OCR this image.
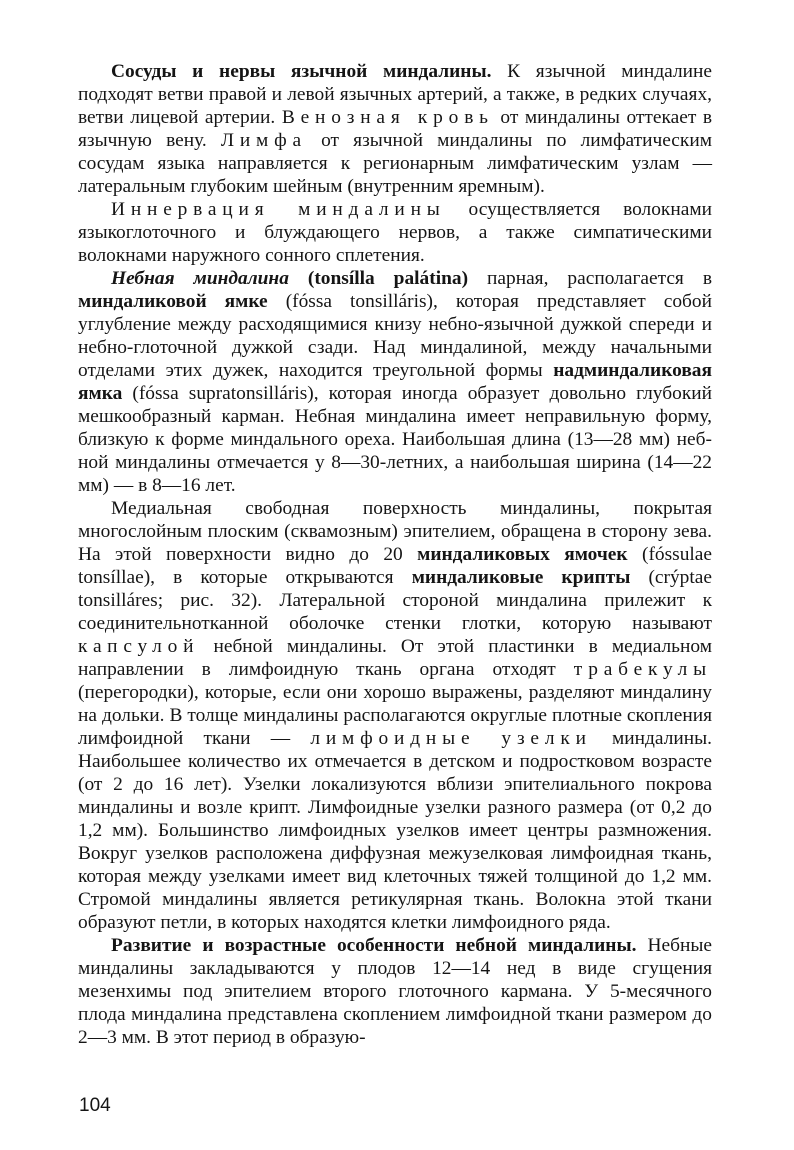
Сосуды и нервы язычной миндалины. К язычной миндалине подходят ветви правой и левой язычных артерий, а также, в редких случаях, ветви лицевой артерии. Венозная кровь от миндалины оттекает в язычную вену. Лимфа от язычной миндалины по лимфатическим сосудам языка направляется к регионарным лимфатическим узлам — латеральным глубоким шейным (внутренним яремным).

Иннервация миндалины осуществляется волокнами языкоглоточного и блуждающего нервов, а также симпатическими волокнами наружного сонного сплетения.

Небная миндалина (tonsílla palátina) парная, располагается в миндаликовой ямке (fóssa tonsilláris), которая представляет собой углубление между расходящимися книзу небно-язычной дужкой спереди и небно-глоточной дужкой сзади. Над миндалиной, между начальными отделами этих дужек, находится треугольной формы надминдаликовая ямка (fóssa supratonsilláris), которая иногда образует довольно глубокий мешкообразный карман. Небная миндалина имеет неправильную форму, близкую к форме миндального ореха. Наибольшая длина (13—28 мм) небной миндалины отмечается у 8—30-летних, а наибольшая ширина (14—22 мм) — в 8—16 лет.

Медиальная свободная поверхность миндалины, покрытая многослойным плоским (сквамозным) эпителием, обращена в сторону зева. На этой поверхности видно до 20 миндаликовых ямочек (fóssulae tonsíllae), в которые открываются миндаликовые крипты (crýptae tonsilláres; рис. 32). Латеральной стороной миндалина прилежит к соединительнотканной оболочке стенки глотки, которую называют капсулой небной миндалины. От этой пластинки в медиальном направлении в лимфоидную ткань органа отходят трабекулы (перегородки), которые, если они хорошо выражены, разделяют миндалину на дольки. В толще миндалины располагаются округлые плотные скопления лимфоидной ткани — лимфоидные узелки миндалины. Наибольшее количество их отмечается в детском и подростковом возрасте (от 2 до 16 лет). Узелки локализуются вблизи эпителиального покрова миндалины и возле крипт. Лимфоидные узелки разного размера (от 0,2 до 1,2 мм). Большинство лимфоидных узелков имеет центры размножения. Вокруг узелков расположена диффузная межузелковая лимфоидная ткань, которая между узелками имеет вид клеточных тяжей толщиной до 1,2 мм. Стромой миндалины является ретикулярная ткань. Волокна этой ткани образуют петли, в которых находятся клетки лимфоидного ряда.

Развитие и возрастные особенности небной миндалины. Небные миндалины закладываются у плодов 12—14 нед в виде сгущения мезенхимы под эпителием второго глоточного кармана. У 5-месячного плода миндалина представлена скоплением лимфоидной ткани размером до 2—3 мм. В этот период в образую-

104
